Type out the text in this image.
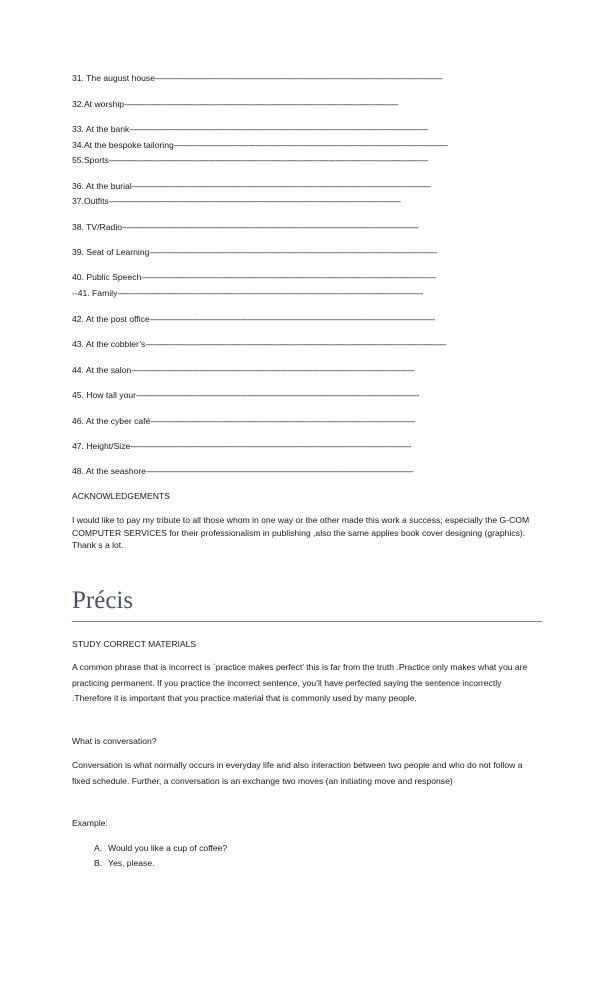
31. The august house-------------------------------------------------------------------------------------------------------------------------------
32.At worship-------------------------------------------------------------------------------------------------------------------------
33. At the bank------------------------------------------------------------------------------------------------------------------------------------
34.At the bespoke tailoring-------------------------------------------------------------------------------------------------------------------------
55.Sports---------------------------------------------------------------------------------------------------------------------------------------------
36. At the burial------------------------------------------------------------------------------------------------------------------------------------
37.Outfits---------------------------------------------------------------------------------------------------------------------------------
38. TV/Radio-----------------------------------------------------------------------------------------------------------------------------------
39. Seat of Learning-------------------------------------------------------------------------------------------------------------------------------
40. Public Speech----------------------------------------------------------------------------------------------------------------------------------
--41. Family---------------------------------------------------------------------------------------------------------------------------------------
42. At the post office------------------------------------------------------------------------------------------------------------------------------
43. At the cobbler’s-------------------------------------------------------------------------------------------------------------------------------------
44. At the salon-----------------------------------------------------------------------------------------------------------------------------
45. How tall your-----------------------------------------------------------------------------------------------------------------------------
46. At the cyber café---------------------------------------------------------------------------------------------------------------------
47. Height/Size----------------------------------------------------------------------------------------------------------------------------
48. At the seashore----------------------------------------------------------------------------------------------------------------------
ACKNOWLEDGEMENTS
I would like to pay my tribute to all those whom in one way or the other made this work a success; especially the G-COM COMPUTER SERVICES for their professionalism in publishing ,also the same applies book cover designing (graphics). Thank s a lot.
Précis
STUDY CORRECT MATERIALS
A common phrase that is incorrect is `practice makes perfect’ this is far from the truth .Practice only makes what you are practicing permanent. If you practice the incorrect sentence, you’ll have perfected saying the sentence incorrectly .Therefore it is important that you practice material that is commonly used by many people.
What is conversation?
Conversation is what normally occurs in everyday life and also interaction between two people and who do not follow a fixed schedule. Further, a conversation is an exchange two moves (an initiating move and response)
Example:
A. Would you like a cup of coffee?
B. Yes, please.
